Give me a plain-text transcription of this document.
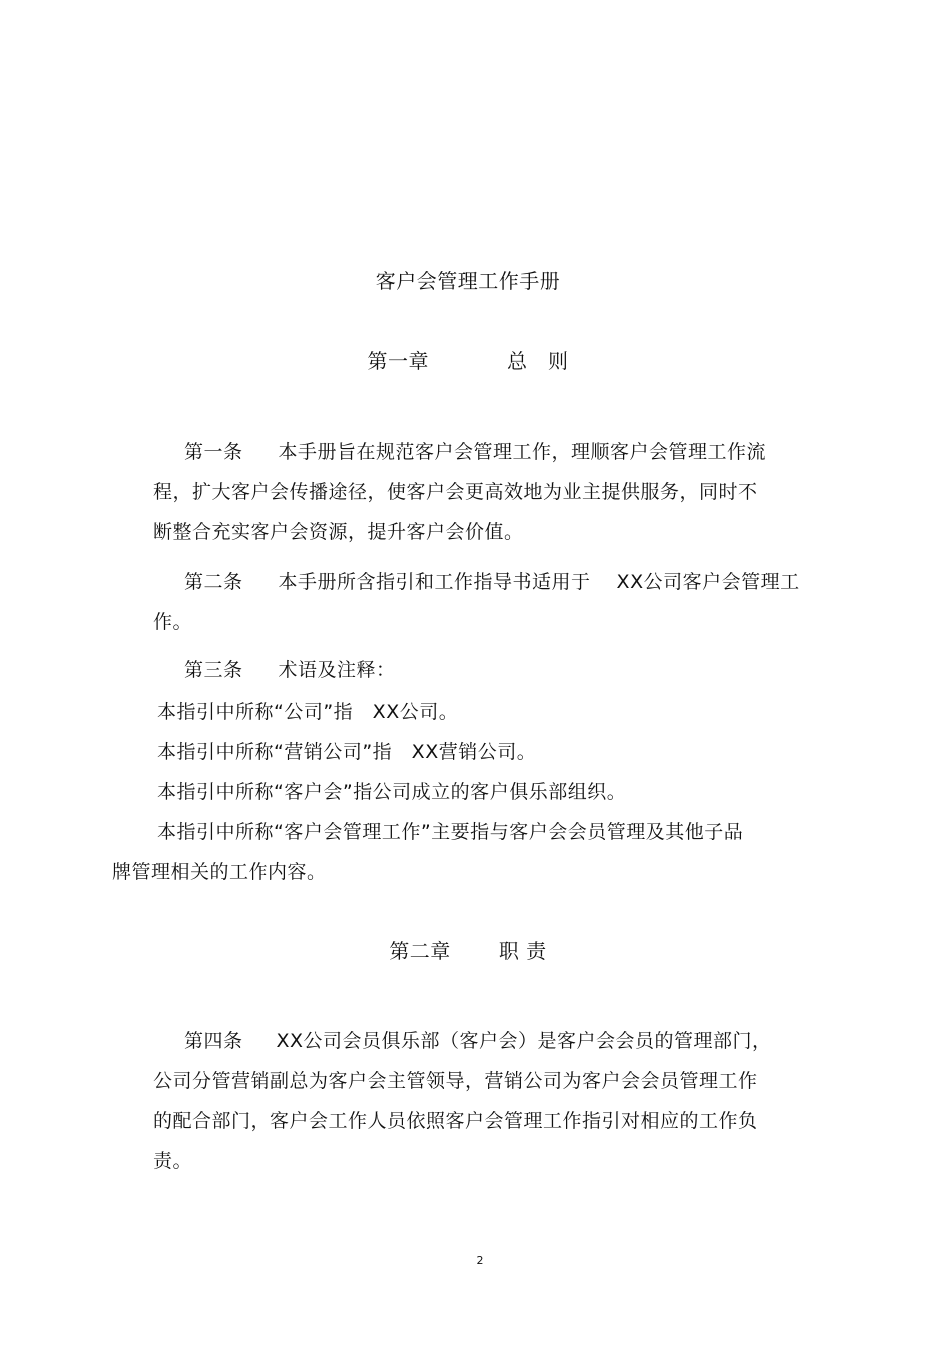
客户会管理工作手册
第一章	总　则
第一条 本手册旨在规范客户会管理工作，理顺客户会管理工作流
程，扩大客户会传播途径，使客户会更高效地为业主提供服务，同时不
断整合充实客户会资源，提升客户会价值。
第二条 本手册所含指引和工作指导书适用于　 XX公司客户会管理工
作。
第三条 术语及注释：
本指引中所称“公司”指　XX公司。
本指引中所称“营销公司”指　XX营销公司。
本指引中所称“客户会”指公司成立的客户俱乐部组织。
本指引中所称“客户会管理工作”主要指与客户会会员管理及其他子品
牌管理相关的工作内容。
第二章 职 责
第四条 XX公司会员俱乐部（客户会）是客户会会员的管理部门，
公司分管营销副总为客户会主管领导，营销公司为客户会会员管理工作
的配合部门，客户会工作人员依照客户会管理工作指引对相应的工作负
责。
2
